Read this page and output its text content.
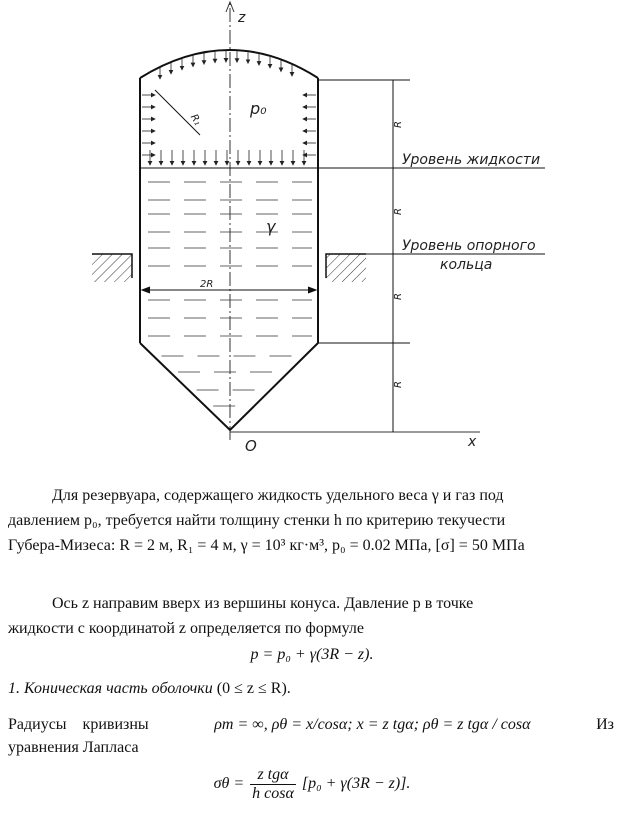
z
x
O
2R
R₁
p₀
γ
R
R
R
R
Уровень жидкости
Уровень опорного
кольца
Для резервуара, содержащего жидкость удельного веса γ и газ под
давлением p₀, требуется найти толщину стенки h по критерию текучести
Губера-Мизеса: R = 2 м, R₁ = 4 м, γ = 10³ кг·м³, p₀ = 0.02 МПа, [σ] = 50 МПа
Ось z направим вверх из вершины конуса. Давление p в точке
жидкости с координатой z определяется по формуле
p = p₀ + γ(3R − z).
1. Коническая часть оболочки (0 ≤ z ≤ R).
Радиусы    кривизны	ρm = ∞, ρθ = x/cosα; x = z tgα; ρθ = z tgα / cosα	Из
уравнения Лапласа
$\sigma\theta = \frac{\text{z tgα}}{\text{h cosα}} [p_0 + \gamma(3R - z)]$.
